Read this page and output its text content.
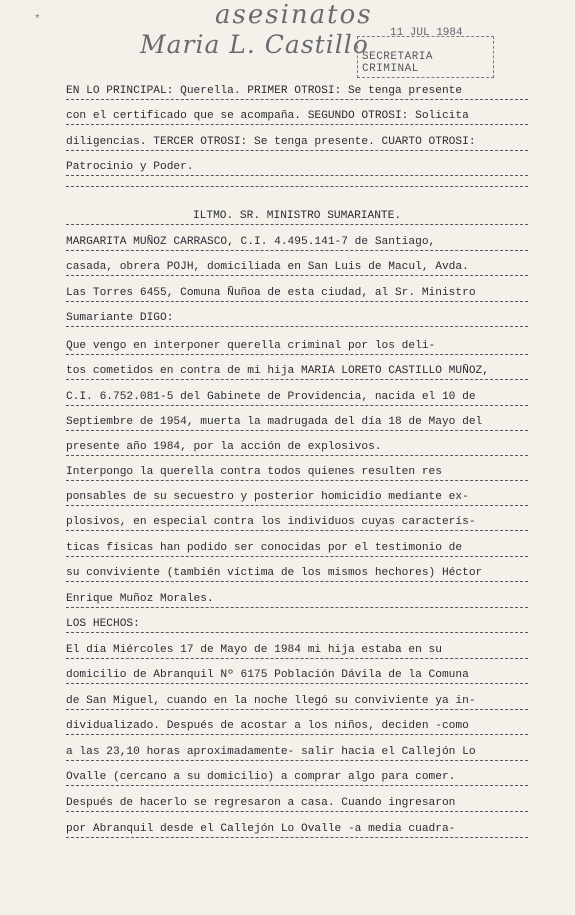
*	asesinatos
Maria L. Castillo 11 JUL 1984
SECRETARIA CRIMINAL
EN LO PRINCIPAL: Querella. PRIMER OTROSI: Se tenga presente
con el certificado que se acompaña. SEGUNDO OTROSI: Solicita
diligencias. TERCER OTROSI: Se tenga presente. CUARTO OTROSI:
Patrocinio y Poder.
ILTMO. SR. MINISTRO SUMARIANTE.
MARGARITA MUÑOZ CARRASCO, C.I. 4.495.141-7 de Santiago,
casada, obrera POJH, domiciliada en San Luis de Macul, Avda.
Las Torres 6455, Comuna Ñuñoa de esta ciudad, al Sr. Ministro
Sumariante DIGO:
Que vengo en interponer querella criminal por los deli-
tos cometidos en contra de mi hija MARIA LORETO CASTILLO MUÑOZ,
C.I. 6.752.081-5 del Gabinete de Providencia, nacida el 10 de
Septiembre de 1954, muerta la madrugada del día 18 de Mayo del
presente año 1984, por la acción de explosivos.
Interpongo la querella contra todos quienes resulten res
ponsables de su secuestro y posterior homicidio mediante ex-
plosivos, en especial contra los individuos cuyas caracterís-
ticas físicas han podido ser conocidas por el testimonio de
su conviviente (también víctima de los mismos hechores) Héctor
Enrique Muñoz Morales.
LOS HECHOS:
El día Miércoles 17 de Mayo de 1984 mi hija estaba en su
domicilio de Abranquil Nº 6175 Población Dávila de la Comuna
de San Miguel, cuando en la noche llegó su conviviente ya in-
dividualizado. Después de acostar a los niños, deciden -como
a las 23,10 horas aproximadamente- salir hacia el Callejón Lo
Ovalle (cercano a su domicilio) a comprar algo para comer.
Después de hacerlo se regresaron a casa. Cuando ingresaron
por Abranquil desde el Callejón Lo Ovalle -a media cuadra-
